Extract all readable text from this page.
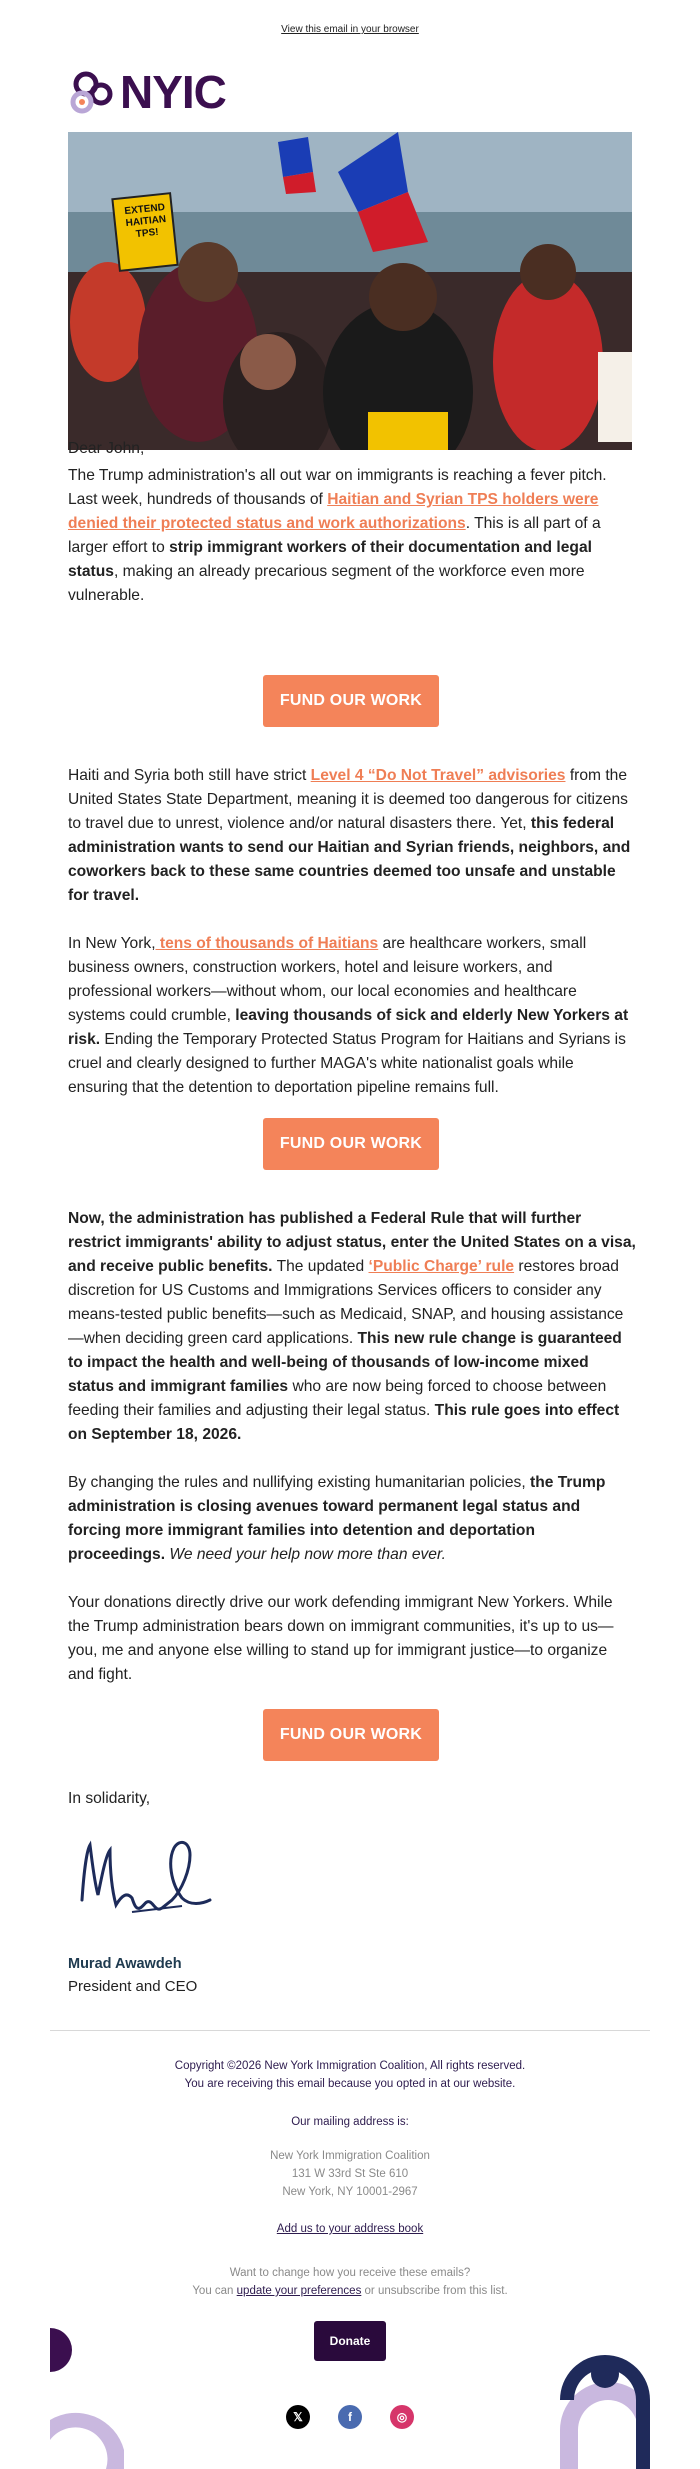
View this email in your browser
NYIC
EXTEND
HAITIAN
TPS!
Dear John,

The Trump administration's all out war on immigrants is reaching a fever pitch. Last week, hundreds of thousands of Haitian and Syrian TPS holders were denied their protected status and work authorizations. This is all part of a larger effort to strip immigrant workers of their documentation and legal status, making an already precarious segment of the workforce even more vulnerable.

FUND OUR WORK

Haiti and Syria both still have strict Level 4 “Do Not Travel” advisories from the United States State Department, meaning it is deemed too dangerous for citizens to travel due to unrest, violence and/or natural disasters there. Yet, this federal administration wants to send our Haitian and Syrian friends, neighbors, and coworkers back to these same countries deemed too unsafe and unstable for travel.

In New York, tens of thousands of Haitians are healthcare workers, small business owners, construction workers, hotel and leisure workers, and professional workers—without whom, our local economies and healthcare systems could crumble, leaving thousands of sick and elderly New Yorkers at risk. Ending the Temporary Protected Status Program for Haitians and Syrians is cruel and clearly designed to further MAGA's white nationalist goals while ensuring that the detention to deportation pipeline remains full.

FUND OUR WORK

Now, the administration has published a Federal Rule that will further restrict immigrants' ability to adjust status, enter the United States on a visa, and receive public benefits. The updated ‘Public Charge’ rule restores broad discretion for US Customs and Immigrations Services officers to consider any means-tested public benefits—such as Medicaid, SNAP, and housing assistance—when deciding green card applications. This new rule change is guaranteed to impact the health and well-being of thousands of low-income mixed status and immigrant families who are now being forced to choose between feeding their families and adjusting their legal status. This rule goes into effect on September 18, 2026.

By changing the rules and nullifying existing humanitarian policies, the Trump administration is closing avenues toward permanent legal status and forcing more immigrant families into detention and deportation proceedings. We need your help now more than ever.

Your donations directly drive our work defending immigrant New Yorkers. While the Trump administration bears down on immigrant communities, it's up to us—you, me and anyone else willing to stand up for immigrant justice—to organize and fight.
FUND OUR WORK
In solidarity,
Murad Awawdeh
President and CEO
Copyright ©2026 New York Immigration Coalition, All rights reserved.
You are receiving this email because you opted in at our website.
Our mailing address is:
New York Immigration Coalition
131 W 33rd St Ste 610
New York, NY 10001-2967
Add us to your address book
Want to change how you receive these emails?
You can update your preferences or unsubscribe from this list.
Donate
𝕏	f	◎
